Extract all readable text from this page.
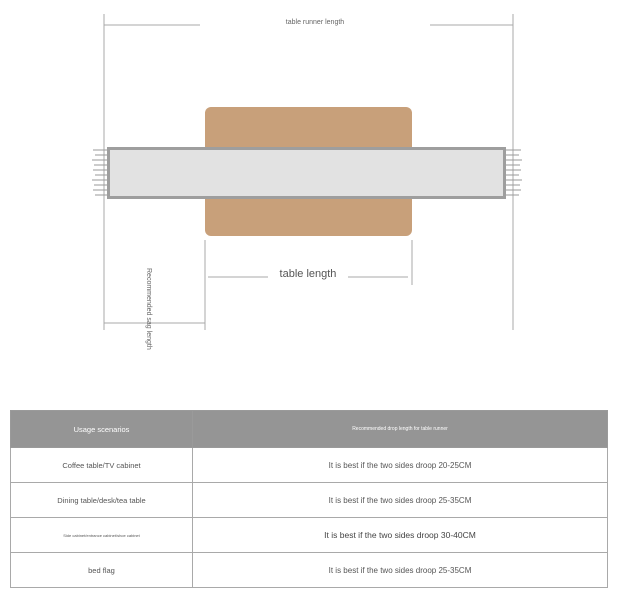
table runner length
table length
Recommended sag length
Usage scenarios	Recommended drop length for table runner
Coffee table/TV cabinet	It is best if the two sides droop 20-25CM
Dining table/desk/tea table	It is best if the two sides droop 25-35CM
Side cabinet/entrance cabinet/shoe cabinet	It is best if the two sides droop 30-40CM
bed flag	It is best if the two sides droop 25-35CM
